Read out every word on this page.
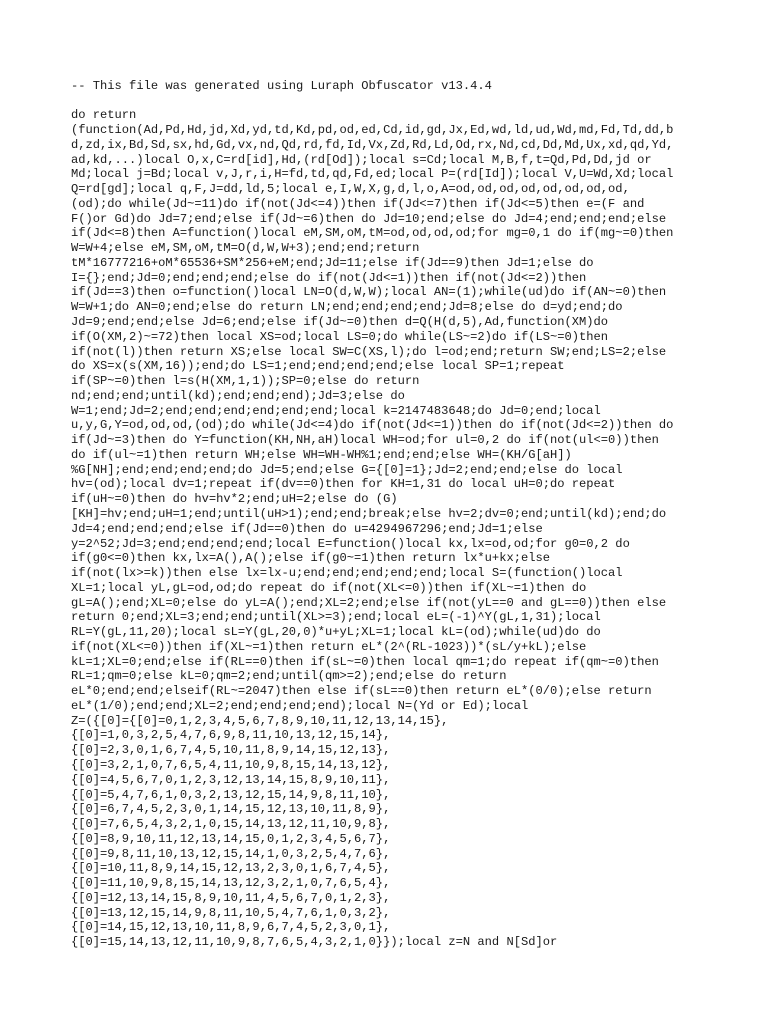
-- This file was generated using Luraph Obfuscator v13.4.4
do return
(function(Ad,Pd,Hd,jd,Xd,yd,td,Kd,pd,od,ed,Cd,id,gd,Jx,Ed,wd,ld,ud,Wd,md,Fd,Td,dd,b
d,zd,ix,Bd,Sd,sx,hd,Gd,vx,nd,Qd,rd,fd,Id,Vx,Zd,Rd,Ld,Od,rx,Nd,cd,Dd,Md,Ux,xd,qd,Yd,
ad,kd,...)local O,x,C=rd[id],Hd,(rd[Od]);local s=Cd;local M,B,f,t=Qd,Pd,Dd,jd or
Md;local j=Bd;local v,J,r,i,H=fd,td,qd,Fd,ed;local P=(rd[Id]);local V,U=Wd,Xd;local
Q=rd[gd];local q,F,J=dd,ld,5;local e,I,W,X,g,d,l,o,A=od,od,od,od,od,od,od,od,
(od);do while(Jd~=11)do if(not(Jd<=4))then if(Jd<=7)then if(Jd<=5)then e=(F and
F()or Gd)do Jd=7;end;else if(Jd~=6)then do Jd=10;end;else do Jd=4;end;end;end;else
if(Jd<=8)then A=function()local eM,SM,oM,tM=od,od,od,od;for mg=0,1 do if(mg~=0)then
W=W+4;else eM,SM,oM,tM=O(d,W,W+3);end;end;return
tM*16777216+oM*65536+SM*256+eM;end;Jd=11;else if(Jd==9)then Jd=1;else do
I={};end;Jd=0;end;end;end;else do if(not(Jd<=1))then if(not(Jd<=2))then
if(Jd==3)then o=function()local LN=O(d,W,W);local AN=(1);while(ud)do if(AN~=0)then
W=W+1;do AN=0;end;else do return LN;end;end;end;end;Jd=8;else do d=yd;end;do
Jd=9;end;end;else Jd=6;end;else if(Jd~=0)then d=Q(H(d,5),Ad,function(XM)do
if(O(XM,2)~=72)then local XS=od;local LS=0;do while(LS~=2)do if(LS~=0)then
if(not(l))then return XS;else local SW=C(XS,l);do l=od;end;return SW;end;LS=2;else
do XS=x(s(XM,16));end;do LS=1;end;end;end;end;else local SP=1;repeat
if(SP~=0)then l=s(H(XM,1,1));SP=0;else do return
nd;end;end;until(kd);end;end;end);Jd=3;else do
W=1;end;Jd=2;end;end;end;end;end;end;local k=2147483648;do Jd=0;end;local
u,y,G,Y=od,od,od,(od);do while(Jd<=4)do if(not(Jd<=1))then do if(not(Jd<=2))then do
if(Jd~=3)then do Y=function(KH,NH,aH)local WH=od;for ul=0,2 do if(not(ul<=0))then
do if(ul~=1)then return WH;else WH=WH-WH%1;end;end;else WH=(KH/G[aH])
%G[NH];end;end;end;end;do Jd=5;end;else G={[0]=1};Jd=2;end;end;else do local
hv=(od);local dv=1;repeat if(dv==0)then for KH=1,31 do local uH=0;do repeat
if(uH~=0)then do hv=hv*2;end;uH=2;else do (G)
[KH]=hv;end;uH=1;end;until(uH>1);end;end;break;else hv=2;dv=0;end;until(kd);end;do
Jd=4;end;end;end;else if(Jd==0)then do u=4294967296;end;Jd=1;else
y=2^52;Jd=3;end;end;end;end;local E=function()local kx,lx=od,od;for g0=0,2 do
if(g0<=0)then kx,lx=A(),A();else if(g0~=1)then return lx*u+kx;else
if(not(lx>=k))then else lx=lx-u;end;end;end;end;end;local S=(function()local
XL=1;local yL,gL=od,od;do repeat do if(not(XL<=0))then if(XL~=1)then do
gL=A();end;XL=0;else do yL=A();end;XL=2;end;else if(not(yL==0 and gL==0))then else
return 0;end;XL=3;end;end;until(XL>=3);end;local eL=(-1)^Y(gL,1,31);local
RL=Y(gL,11,20);local sL=Y(gL,20,0)*u+yL;XL=1;local kL=(od);while(ud)do do
if(not(XL<=0))then if(XL~=1)then return eL*(2^(RL-1023))*(sL/y+kL);else
kL=1;XL=0;end;else if(RL==0)then if(sL~=0)then local qm=1;do repeat if(qm~=0)then
RL=1;qm=0;else kL=0;qm=2;end;until(qm>=2);end;else do return
eL*0;end;end;elseif(RL~=2047)then else if(sL==0)then return eL*(0/0);else return
eL*(1/0);end;end;XL=2;end;end;end;end);local N=(Yd or Ed);local
Z=({[0]={[0]=0,1,2,3,4,5,6,7,8,9,10,11,12,13,14,15},
{[0]=1,0,3,2,5,4,7,6,9,8,11,10,13,12,15,14},
{[0]=2,3,0,1,6,7,4,5,10,11,8,9,14,15,12,13},
{[0]=3,2,1,0,7,6,5,4,11,10,9,8,15,14,13,12},
{[0]=4,5,6,7,0,1,2,3,12,13,14,15,8,9,10,11},
{[0]=5,4,7,6,1,0,3,2,13,12,15,14,9,8,11,10},
{[0]=6,7,4,5,2,3,0,1,14,15,12,13,10,11,8,9},
{[0]=7,6,5,4,3,2,1,0,15,14,13,12,11,10,9,8},
{[0]=8,9,10,11,12,13,14,15,0,1,2,3,4,5,6,7},
{[0]=9,8,11,10,13,12,15,14,1,0,3,2,5,4,7,6},
{[0]=10,11,8,9,14,15,12,13,2,3,0,1,6,7,4,5},
{[0]=11,10,9,8,15,14,13,12,3,2,1,0,7,6,5,4},
{[0]=12,13,14,15,8,9,10,11,4,5,6,7,0,1,2,3},
{[0]=13,12,15,14,9,8,11,10,5,4,7,6,1,0,3,2},
{[0]=14,15,12,13,10,11,8,9,6,7,4,5,2,3,0,1},
{[0]=15,14,13,12,11,10,9,8,7,6,5,4,3,2,1,0}});local z=N and N[Sd]or
